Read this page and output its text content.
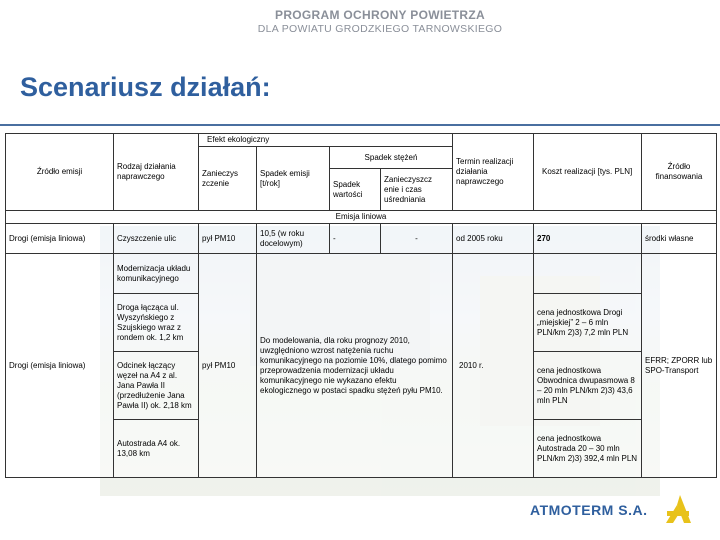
PROGRAM OCHRONY POWIETRZA
DLA POWIATU GRODZKIEGO TARNOWSKIEGO
Scenariusz działań:
Źródło emisji	Rodzaj działania naprawczego	Efekt ekologiczny				Termin realizacji działania naprawczego	Koszt realizacji [tys. PLN]	Źródło finansowania
		Zanieczys zczenie	Spadek emisji [t/rok]	Spadek stężeń				
				Spadek wartości	Zanieczyszcz enie i czas uśredniania			
Emisja liniowa								
Drogi (emisja liniowa)	Czyszczenie ulic	pył PM10	10,5 (w roku docelowym)	-	-	od 2005 roku	270	środki własne
Drogi (emisja liniowa)	Modernizacja układu komunikacyjnego	pył PM10	Do modelowania, dla roku prognozy 2010, uwzględniono wzrost natężenia ruchu komunikacyjnego na poziomie 10%, dlatego pomimo przeprowadzenia modernizacji układu komunikacyjnego nie wykazano efektu ekologicznego w postaci spadku stężeń pyłu PM10.			2010 r.		EFRR; ZPORR lub SPO-Transport
	Droga łącząca ul. Wyszyńskiego z Szujskiego wraz z rondem ok. 1,2 km						cena jednostkowa Drogi „miejskiej” 2 – 6 mln PLN/km 2)3) 7,2 mln PLN	
	Odcinek łączący węzeł na A4 z al. Jana Pawła II (przedłużenie Jana Pawła II) ok. 2,18 km						cena jednostkowa Obwodnica dwupasmowa 8 – 20 mln PLN/km 2)3) 43,6 mln PLN	
	Autostrada A4 ok. 13,08 km						cena jednostkowa Autostrada 20 – 30 mln PLN/km 2)3) 392,4 mln PLN	
ATMOTERM S.A.
